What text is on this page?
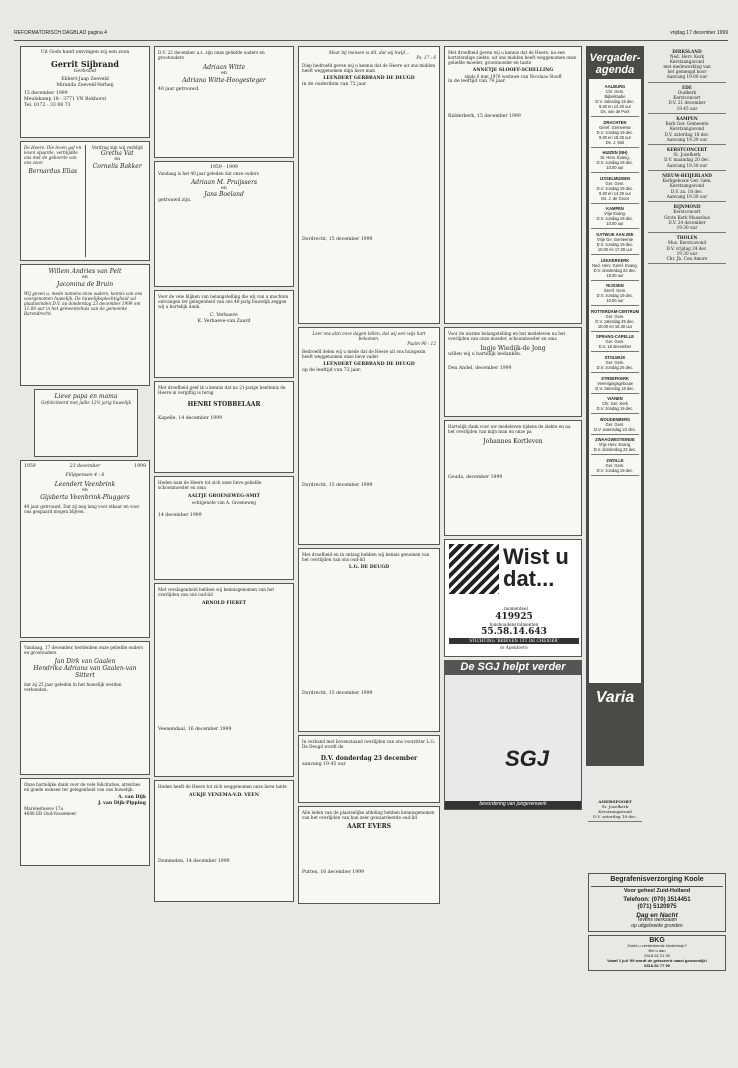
REFORMATORISCH DAGBLAD pagina 4	vrijdag 17 december 1999
Uit Gods hand ontvingen wij een zoon
Gerrit Sijbrand
Gerbrand
Ebbert-Jaap Zeeveld
Miranda Zeeveld-Verheij
15 december 1999
Meulekamp 18 - 3771 VN Bokhorst
Tel. 0172 - 33 88 73
De Heere. Die leven gaf en leven spaarde, verblijdde ons met de geboorte van ons zoon
Bernardus Elias
Verdrag zijn wij verblijd
Gretha Vat
en
Cornelis Bakker
Willem Andries van Pelt
en
Jacomina de Bruin
Wij geven u, mede namens onze ouders, kennis van ons voorgenomen huwelijk. De huwelijksplechtigheid zal plaatsvinden D.V. op donderdag 23 december 1999 om 11.00 uur in het gemeentehuis van de gemeente Barendrecht.
Lieve papa en mama
Gefeliciteerd met jullie 12½ jarig huwelijk
1959	23 december	1999
Filippensen 4 : 6
Leendert Veenbrink
en
Gijsberta Veenbrink-Pluggers
40 jaar getrouwd. Dat zij nog lang voor elkaar en voor ons gespaard mogen blijven.
Vandaag, 17 december, herdenken onze geliefde ouders en grootouders
Jan Dirk van Gaalen
Hendrika Adriana van Gaalen-van Sittert
dat zij 25 jaar geleden in het huwelijk werden verbonden.
Onze hartelijke dank voor de vele felicitaties, attenties en goede wensen ter gelegenheid van ons huwelijk.
A. van Dijk
J. van Dijk-Pipping
Maroleshoeve 17a
4688 EB Oud-Vossemeer
D.V. 22 december a.s. zijn onze geliefde ouders en grootouders
Adriaan Witte
en
Adriana Witte-Hoogesteger
40 jaar getrouwd.
1959 - 1999
Vandaag is het 40 jaar geleden dat onze ouders
Adriaan M. Pruijssers
en
Jans Boeland
getrouwd zijn.
Voor de vele blijken van belangstelling die wij van u mochten ontvangen ter gelegenheid van ons 40-jarig huwelijk zeggen wij u hartelijk dank.
C. Verhaeve
K. Verhaeve-van Zaard
Met droefheid geef ik u kennis dat na 21-jarige beeltenis de Heere in vergiftig is terug
HENRI STOBBELAAR
Kapelle, 14 december 1999
Heden nam de Heere tot zich onze lieve geliefde schoonmoeder en oma
AALTJE GROENEWEG-SMIT
echtgenote van A. Groeneweg
14 december 1999
Met verslagenheid hebben wij kennisgenomen van het overlijden van ons oud-lid
ARNOLD FIERET
Veenendaal, 16 december 1999
Heden heeft de Heere tot zich weggenomen onze lieve tante
AUKJE VENEMA-V.D. VEEN
Dommelen, 14 december 1999
Maar bij mensen is dit, dat wij kwijt...
Ps. 17 : 6
Diep bedroefd geven wij u kennis dat de Heere uit ons midden heeft weggenomen mijn lieve man
LEENDERT GERBRAND DE DEUGD
in de ouderdom van 72 jaar
Dordrecht, 15 december 1999
Leer ons alzo onze dagen tellen, dat wij een wijs hart bekomen.
Psalm 90 : 12
Bedroefd delen wij u mede dat de Heere uit ons huisgezin heeft weggenomen onze lieve vader
LEENDERT GERBRAND DE DEUGD
op de leeftijd van 72 jaar.
Dordrecht, 15 december 1999
Met droefheid en in ontzag hebben wij kennis genomen van het overlijden van ons oud-lid
L.G. DE DEUGD
Dordrecht, 15 december 1999
In verband met bovenstaand overlijden van ons voorzitter L.G. De Deugd wordt de
D.V. donderdag 23 december
aanvang 19.45 uur
Alle leden van de plaatselijke afdeling hebben kennisgenomen van het overlijden van hun zeer gewaardeerde oud-lid
AART EVERS
Putten, 16 december 1999
Met droefheid geven wij u kennis dat de Heere, na een kortstondige ziekte, uit ons midden heeft weggenomen onze geliefde moeder, grootmoeder en tante
ANNETJE SLOOFF-SCHELLING
sinds 6 mei 1976 weduwe van Nicolaas Slooff
in de leeftijd van 79 jaar.
Ridderkerk, 15 december 1999
Voor de warme belangstelling en het medeleven na het overlijden van onze moeder, schoonmoeder en oma
Ingje Wiedijk-de Jong
willen wij u hartelijk bedanken.
Den Andel, december 1999
Hartelijk dank voor uw medeleven tijdens de ziekte en na het overlijden van mijn man en onze pa
Johannes Kortleven
Gouda, december 1999
Wist u dat...
...momenteel
419925
huishoudensrolmenten
55.58.14.643
STICHTING 'BRIEVEN UIT DE CHEIDER'
te Apeldoorn
De SGJ helpt verder
SGJ
bevordering van jongerenwerk
Vergader-agenda
AALBURG
Chr. Gem.
Bijbelstudie
D.V. zaterdag 18 dec.
9.30 en 14.30 uur
Ds. van de Poel
DRACHTEN
Geref. Gemeente
D.V. zondag 19 dec.
9.30 en 18.30 uur
Ds. J. Mol
HUIZEN (NH)
St. Herv. Evang.
D.V. zondag 19 dec.
10.00 uur
IJSSELMUIDEN
Ger. Gem.
D.V. zondag 19 dec.
9.30 en 14.30 uur
Ds. J. de Groot
KAMPEN
Vrije Evang.
D.V. zondag 19 dec.
10.00 uur
KATWIJK AAN ZEE
Vrije Ge. Gemeente
D.V. zondag 19 dec.
10.00 en 17.00 uur
LEKKERKERK
Ned. Herv. Geref. Evang.
D.V. donderdag 23 dec.
19.30 uur
RIJSSEN
Geref. Gem.
D.V. zondag 19 dec.
10.00 uur
ROTTERDAM-CENTRUM
Ger. Gem.
D.V. zaterdag 25 dec.
10.00 en 15.30 uur
SPRANG-CAPELLE
Ger. Gem.
D.V. 18 december
STOLWIJK
Ger. Gem.
D.V. zondag 26 dec.
STREEFKERK
Verenigingsgebouw
D.V. zaterdag 18 dec.
VIANEN
Chr. Ger. Kerk
D.V. zondag 19 dec.
WOUDENBERG
Ger. Gem.
D.V. woensdag 22 dec.
ZWAAGWESTEINDE
Vrije Herv. Evang.
D.V. donderdag 23 dec.
ZWOLLE
Ger. Gem.
D.V. zondag 19 dec.
Varia
AMERSFOORT
St. Jozefkerk
Kerstzangavond
D.V. zaterdag 18 dec.
DIRKSLAND
Ned. Herv. Kerk
Kerstzangavond
met medewerking van
het gemengd koor
Aanvang 19.00 uur
EDE
Oudkerk
Kerstconcert
D.V. 21 december
19.45 uur
KAMPEN
Kerk Ger. Gemeente
Kerstzangavond
D.V. zaterdag 18 dec.
Aanvang 19.30 uur
KERSTCONCERT
St. Jozefkerk
D.V. maandag 20 dec.
Aanvang 19.30 uur
NIEUW-BEIJERLAND
Kerkgebouw Ger. Gem.
Kerstzangavond
D.V. za. 18 dec.
Aanvang 19.30 uur
RIJNMOND
Kerstconcert
Grote Kerk Maassluis
D.V. 24 december
19.30 uur
THOLEN
Muz. Kerstcavond
D.V. vrijdag 24 dec.
19.30 uur
Chr. Jb. Con Amore
Begrafenisverzorging Koole
Voor geheel Zuid-Holland
Telefoon: (070) 3514451
(071) 5120975
Dag en Nacht
Tevens werkzaam
op uitgebreide gronden
BKG
Zoekt u versterkende kinderhulp?
Bel u dan
0318-52 21 99
Vanaf 1 juli '99 wordt de getaxeerd naast gewoonlijk!
0318-52 77 99
